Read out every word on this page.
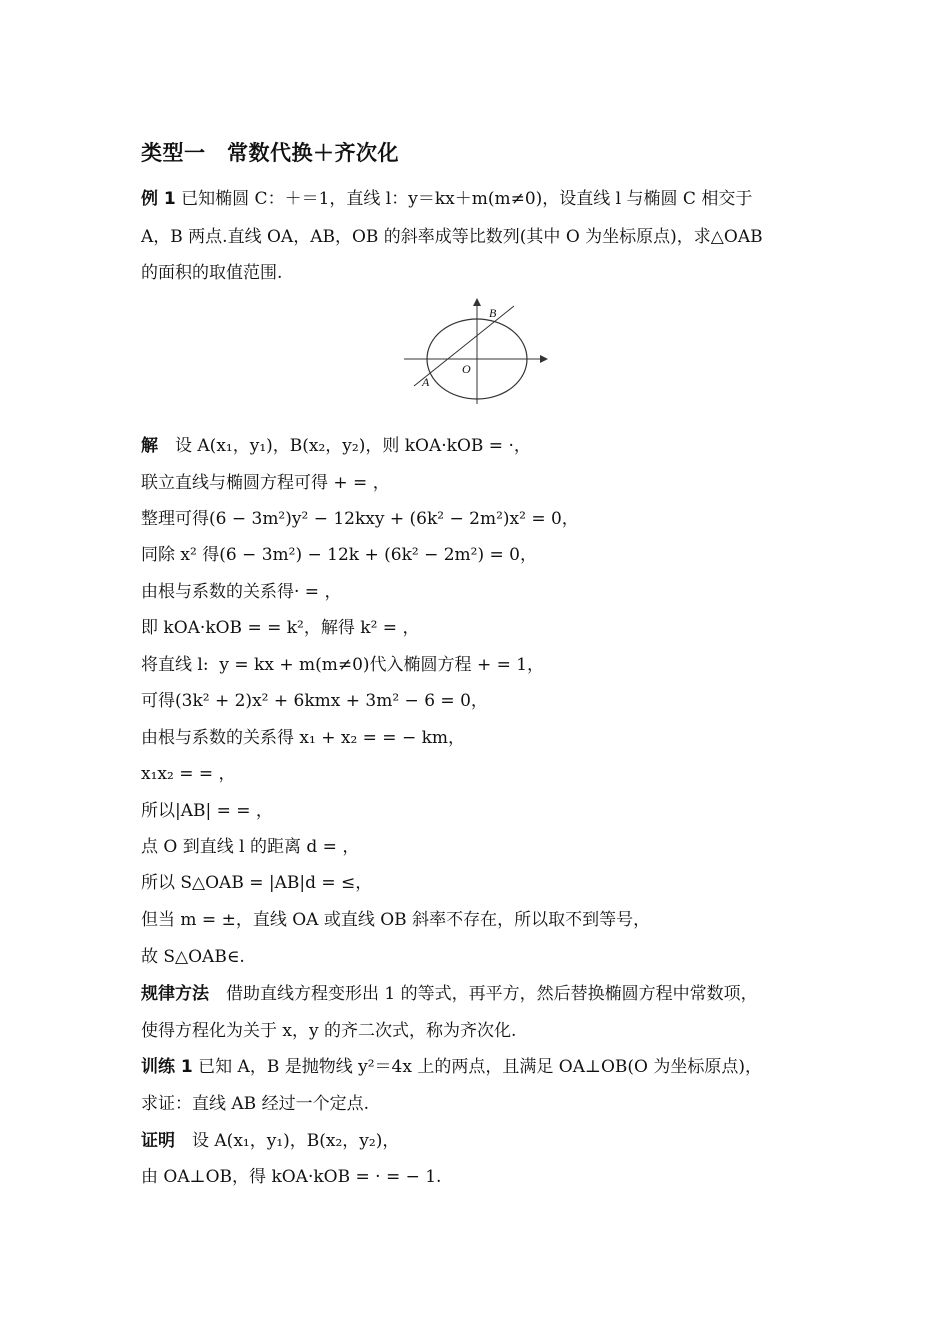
类型一　常数代换＋齐次化
例 1 已知椭圆 C：＋＝1，直线 l：y＝kx＋m(m≠0)，设直线 l 与椭圆 C 相交于
A，B 两点.直线 OA，AB，OB 的斜率成等比数列(其中 O 为坐标原点)，求△OAB
的面积的取值范围.
A
B
O
解　设 A(x₁，y₁)，B(x₂，y₂)，则 kOA·kOB = ·，
联立直线与椭圆方程可得 + = ，
整理可得(6 − 3m²)y² − 12kxy + (6k² − 2m²)x² = 0，
同除 x² 得(6 − 3m²) − 12k + (6k² − 2m²) = 0，
由根与系数的关系得· = ，
即 kOA·kOB = = k²，解得 k² = ，
将直线 l:  y = kx + m(m≠0)代入椭圆方程 + = 1，
可得(3k² + 2)x² + 6kmx + 3m² − 6 = 0，
由根与系数的关系得 x₁ + x₂ = = − km，
x₁x₂ = = ，
所以|AB| = = ，
点 O 到直线 l 的距离 d = ，
所以 S△OAB = |AB|d = ≤，
但当 m = ±，直线 OA 或直线 OB 斜率不存在，所以取不到等号，
故 S△OAB∈.
规律方法　借助直线方程变形出 1 的等式，再平方，然后替换椭圆方程中常数项，
使得方程化为关于 x，y 的齐二次式，称为齐次化.
训练 1 已知 A，B 是抛物线 y²＝4x 上的两点，且满足 OA⊥OB(O 为坐标原点)，
求证：直线 AB 经过一个定点.
证明　设 A(x₁，y₁)，B(x₂，y₂)，
由 OA⊥OB，得 kOA·kOB = · = − 1.
